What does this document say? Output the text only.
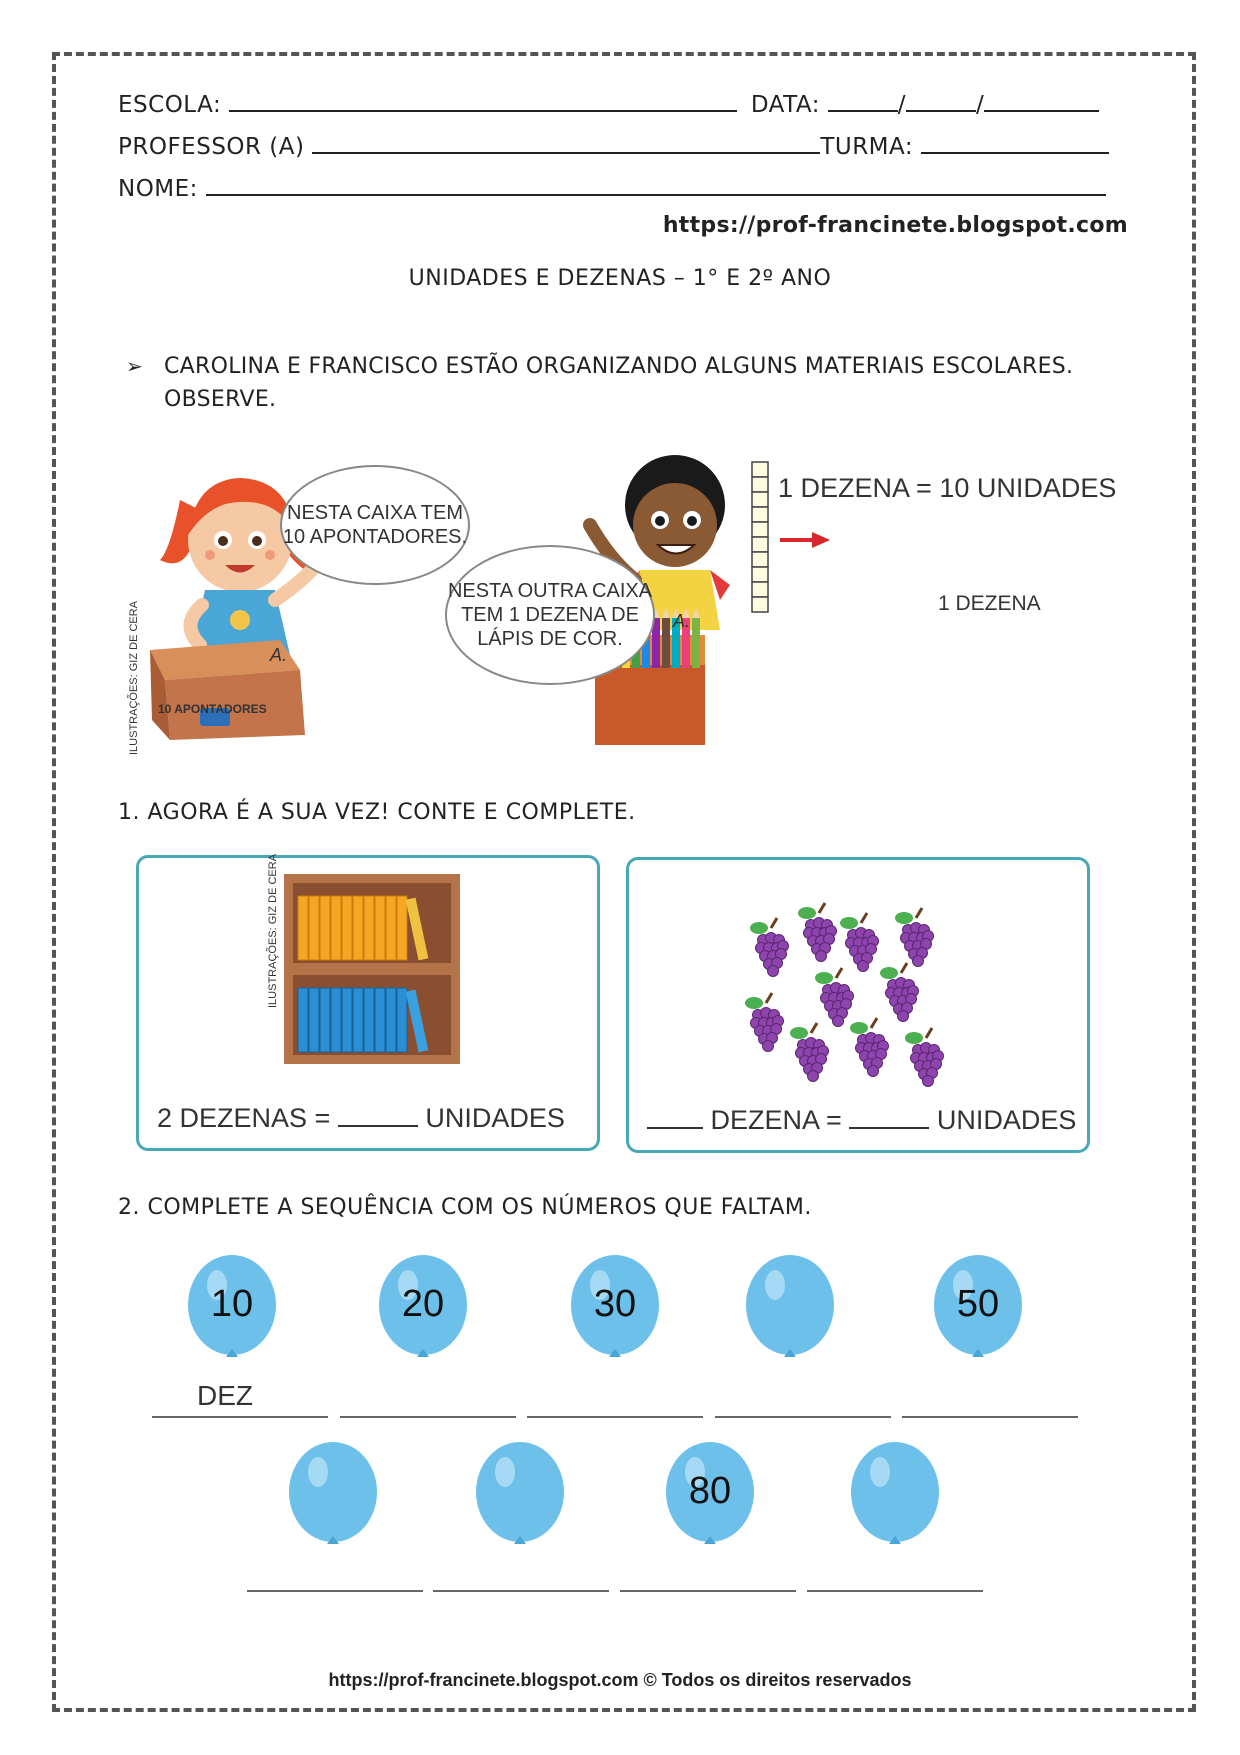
ESCOLA:	DATA:	/	/
PROFESSOR (A)	TURMA:
NOME:
https://prof-francinete.blogspot.com
UNIDADES E DEZENAS – 1° E 2º ANO
➢ CAROLINA E FRANCISCO ESTÃO ORGANIZANDO ALGUNS MATERIAIS ESCOLARES. OBSERVE.
NESTA CAIXA TEM 10 APONTADORES.
NESTA OUTRA CAIXA TEM 1 DEZENA DE LÁPIS DE COR.
ILUSTRAÇÕES: GIZ DE CERA 10 APONTADORES
A.
A.
1 DEZENA = 10 UNIDADES
1 DEZENA
1. AGORA É A SUA VEZ! CONTE E COMPLETE.
ILUSTRAÇÕES: GIZ DE CERA
2 DEZENAS =	UNIDADES	DEZENA =	UNIDADES
2. COMPLETE A SEQUÊNCIA COM OS NÚMEROS QUE FALTAM.
10	20	30	50
80
DEZ
https://prof-francinete.blogspot.com © Todos os direitos reservados
